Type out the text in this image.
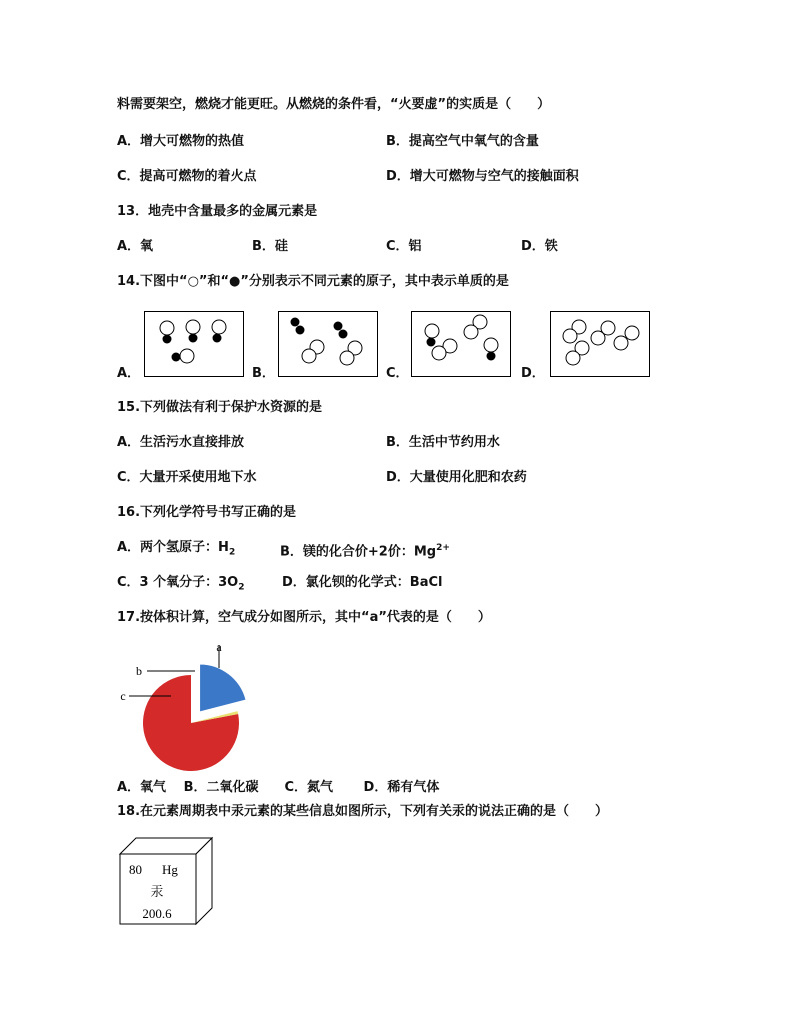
料需要架空，燃烧才能更旺。从燃烧的条件看，“火要虚”的实质是（　　）
A．增大可燃物的热值	B．提高空气中氧气的含量
C．提高可燃物的着火点	D．增大可燃物与空气的接触面积
13．地壳中含量最多的金属元素是
A．氧	B．硅	C．铝	D．铁
14.下图中“○”和“●”分别表示不同元素的原子，其中表示单质的是
A．	B．	C．	D．
15.下列做法有利于保护水资源的是
A．生活污水直接排放	B．生活中节约用水
C．大量开采使用地下水	D．大量使用化肥和农药
16.下列化学符号书写正确的是
A．两个氢原子：$H_2$	B．镁的化合价+2价：$Mg^{2+}$
C．3 个氧分子：$3O_2$	D．氯化钡的化学式：BaCl
17.按体积计算，空气成分如图所示，其中“a”代表的是（　　）
a
b
c
A．氧气　 B．二氧化碳　　C．氮气　　 D．稀有气体
18.在元素周期表中汞元素的某些信息如图所示，下列有关汞的说法正确的是（　　）
80 Hg
汞
200.6
